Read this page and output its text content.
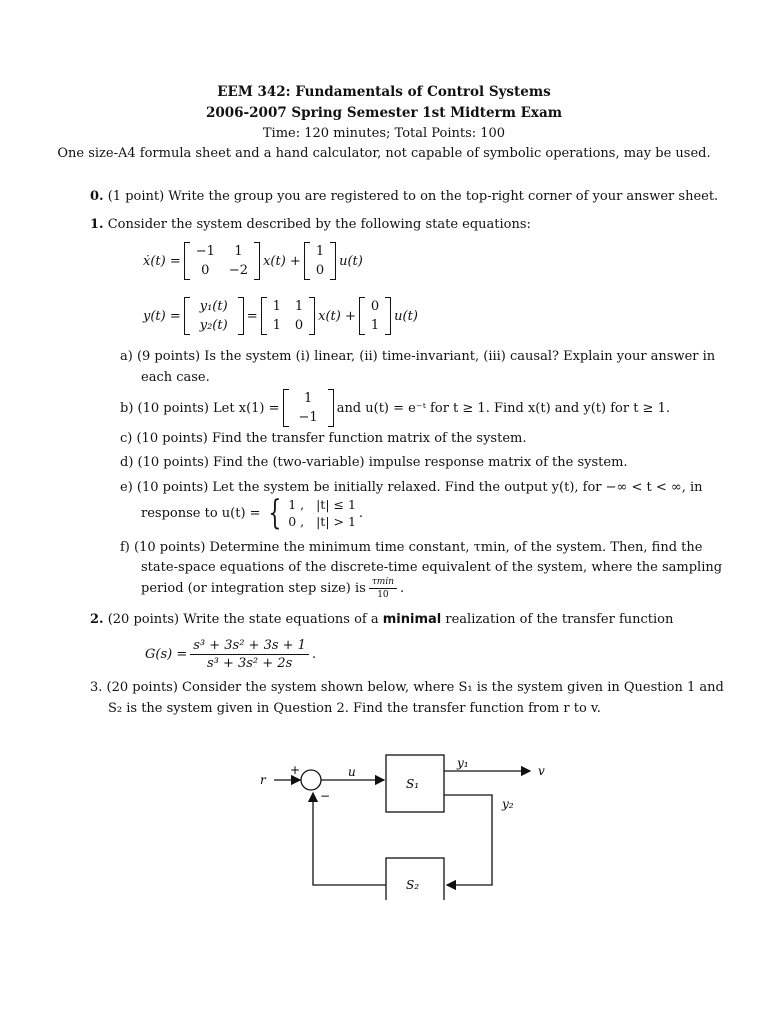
EEM 342: Fundamentals of Control Systems
2006-2007 Spring Semester 1st Midterm Exam
Time: 120 minutes; Total Points: 100
One size-A4 formula sheet and a hand calculator, not capable of symbolic operations, may be used.
0. (1 point) Write the group you are registered to on the top-right corner of your answer sheet.
1. Consider the system described by the following state equations:
ẋ(t) =
−1	1
0	−2
x(t) +
1
0
u(t)
y(t) =
y₁(t)
y₂(t)
=
1 1
1 0
x(t) +
0
1
u(t)
a) (9 points) Is the system (i) linear, (ii) time-invariant, (iii) causal? Explain your answer in
each case.
b) (10 points) Let x(1) =
1
−1
and u(t) = e⁻ᵗ for t ≥ 1. Find x(t) and y(t) for t ≥ 1.
c) (10 points) Find the transfer function matrix of the system.
d) (10 points) Find the (two-variable) impulse response matrix of the system.
e) (10 points) Let the system be initially relaxed. Find the output y(t), for −∞ < t < ∞, in
response to u(t) = { 1 , |t| ≤ 1
0 , |t| > 1
.
f) (10 points) Determine the minimum time constant, τmin, of the system. Then, find the
state-space equations of the discrete-time equivalent of the system, where the sampling
period (or integration step size) is $\frac{\tau\min}{10}$ .
2. (20 points) Write the state equations of a minimal realization of the transfer function
$G(s) = \frac{\text{s³ + 3s² + 3s + 1}}{\text{s³ + 3s² + 2s}}$ .
3. (20 points) Consider the system shown below, where S₁ is the system given in Question 1 and
S₂ is the system given in Question 2. Find the transfer function from r to v.
r
+
−
u
S₁
y₁
v
y₂
S₂
